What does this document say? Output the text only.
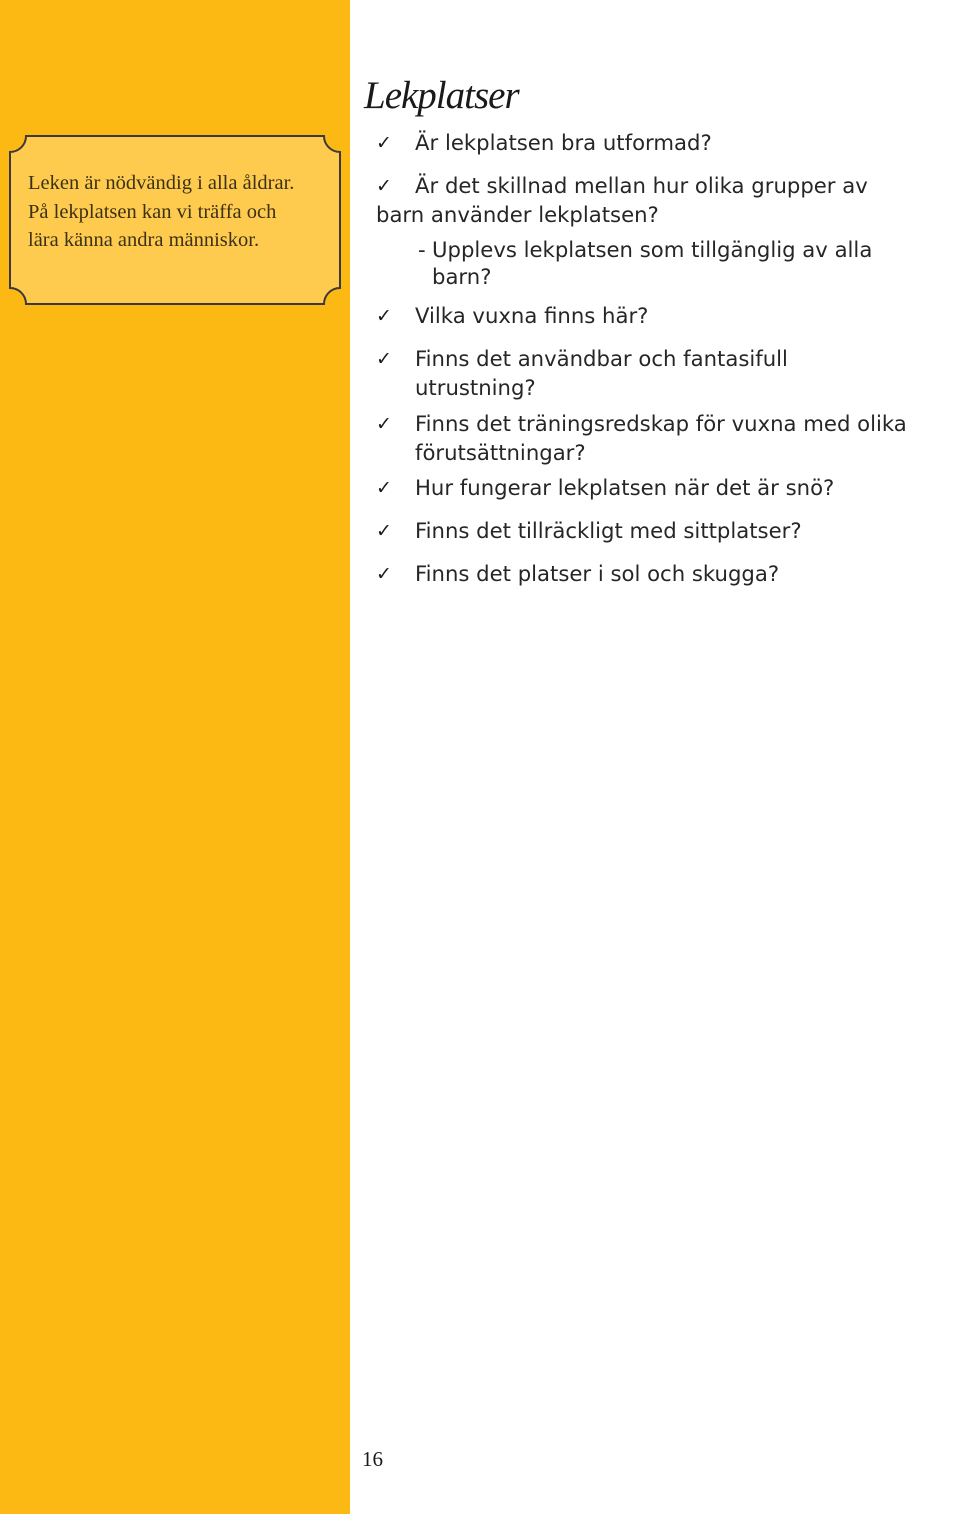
Leken är nödvändig i alla åldrar. På lekplatsen kan vi träffa och lära känna andra människor.

Lekplatser
✓ Är lekplatsen bra utformad?
✓ Är det skillnad mellan hur olika grupper av
barn använder lekplatsen?
- Upplevs lekplatsen som tillgänglig av alla
barn?
✓ Vilka vuxna finns här?
✓ Finns det användbar och fantasifull
utrustning?
✓ Finns det träningsredskap för vuxna med olika
förutsättningar?
✓ Hur fungerar lekplatsen när det är snö?
✓ Finns det tillräckligt med sittplatser?
✓ Finns det platser i sol och skugga?

16
